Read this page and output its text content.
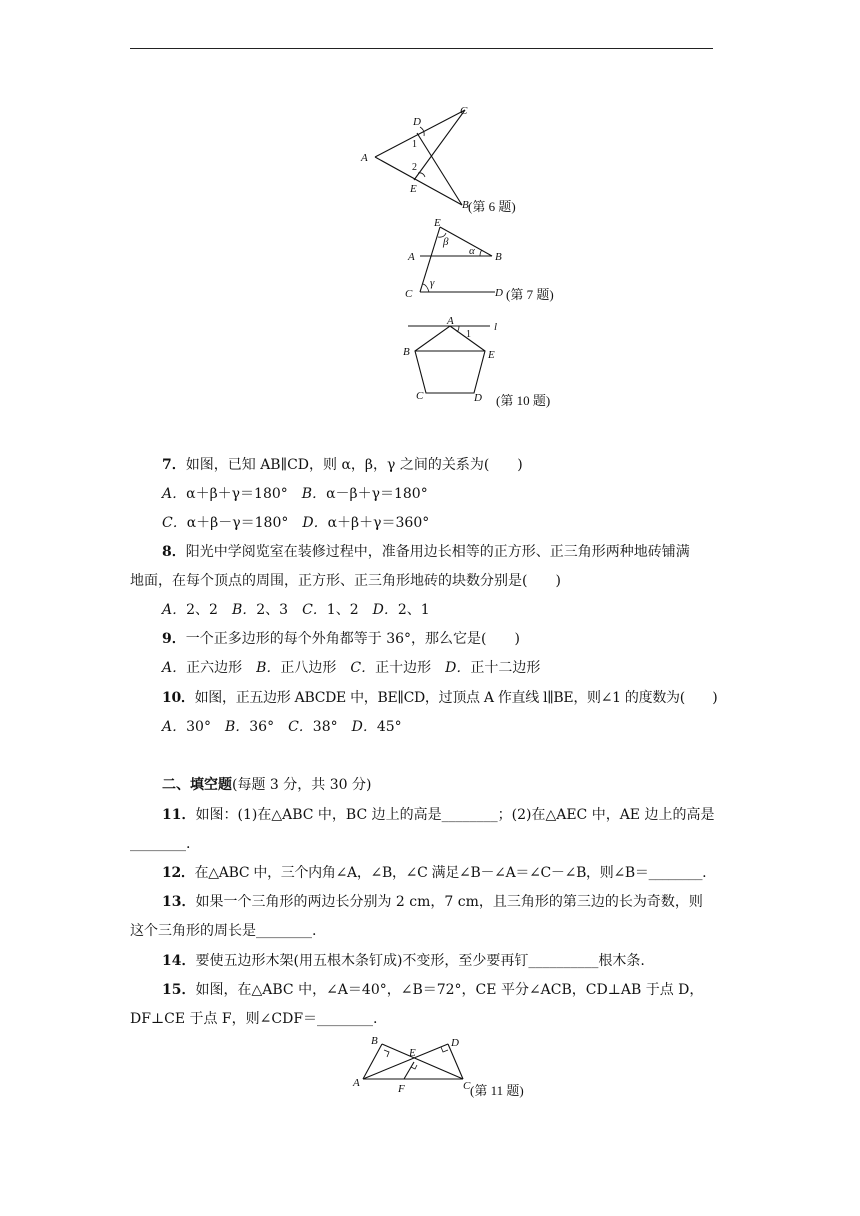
A
B
C
D
E
1
2
(第 6 题)
A	B
C	D
E
α
β
γ
(第 7 题)
A
B
C	D
E
l
1
(第 10 题)
7．如图，已知 AB∥CD，则 α，β，γ 之间的关系为(　　)
A．α＋β＋γ＝180°　B．α－β＋γ＝180°
C．α＋β－γ＝180°　D．α＋β＋γ＝360°
8．阳光中学阅览室在装修过程中，准备用边长相等的正方形、正三角形两种地砖铺满
地面，在每个顶点的周围，正方形、正三角形地砖的块数分别是(　　)
A．2、2　B．2、3　C．1、2　D．2、1
9．一个正多边形的每个外角都等于 36°，那么它是(　　)
A．正六边形　B．正八边形　C．正十边形　D．正十二边形
10．如图，正五边形 ABCDE 中，BE∥CD，过顶点 A 作直线 l∥BE，则∠1 的度数为(　　)
A．30°　B．36°　C．38°　D．45°
二、填空题(每题 3 分，共 30 分)
11．如图：(1)在△ABC 中，BC 边上的高是________；(2)在△AEC 中，AE 边上的高是
________.
12．在△ABC 中，三个内角∠A，∠B，∠C 满足∠B－∠A＝∠C－∠B，则∠B＝________.
13．如果一个三角形的两边长分别为 2 cm，7 cm，且三角形的第三边的长为奇数，则
这个三角形的周长是________.
14．要使五边形木架(用五根木条钉成)不变形，至少要再钉__________根木条.
15．如图，在△ABC 中，∠A＝40°，∠B＝72°，CE 平分∠ACB，CD⊥AB 于点 D，
DF⊥CE 于点 F，则∠CDF＝________.
A
B
C
D
E
F	(第 11 题)
